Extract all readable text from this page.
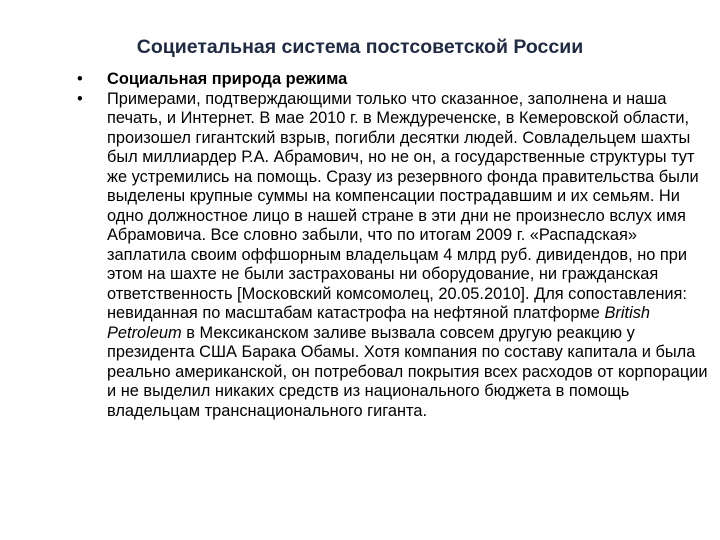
Социетальная система постсоветской России
• Социальная природа режима
• Примерами, подтверждающими только что сказанное, заполнена и наша печать, и Интернет. В мае 2010 г. в Междуреченске, в Кемеровской области, произошел гигантский взрыв, погибли десятки людей. Совладельцем шахты был миллиардер Р.А. Абрамович, но не он, а государственные структуры тут же устремились на помощь. Сразу из резервного фонда правительства были выделены крупные суммы на компенсации пострадавшим и их семьям. Ни одно должностное лицо в нашей стране в эти дни не произнесло вслух имя Абрамовича. Все словно забыли, что по итогам 2009 г. «Распадская» заплатила своим оффшорным владельцам 4 млрд руб. дивидендов, но при этом на шахте не были застрахованы ни оборудование, ни гражданская ответственность [Московский комсомолец, 20.05.2010]. Для сопоставления: невиданная по масштабам катастрофа на нефтяной платформе British Petroleum в Мексиканском заливе вызвала совсем другую реакцию у президента США Барака Обамы. Хотя компания по составу капитала и была реально американской, он потребовал покрытия всех расходов от корпорации и не выделил никаких средств из национального бюджета в помощь владельцам транснационального гиганта.
